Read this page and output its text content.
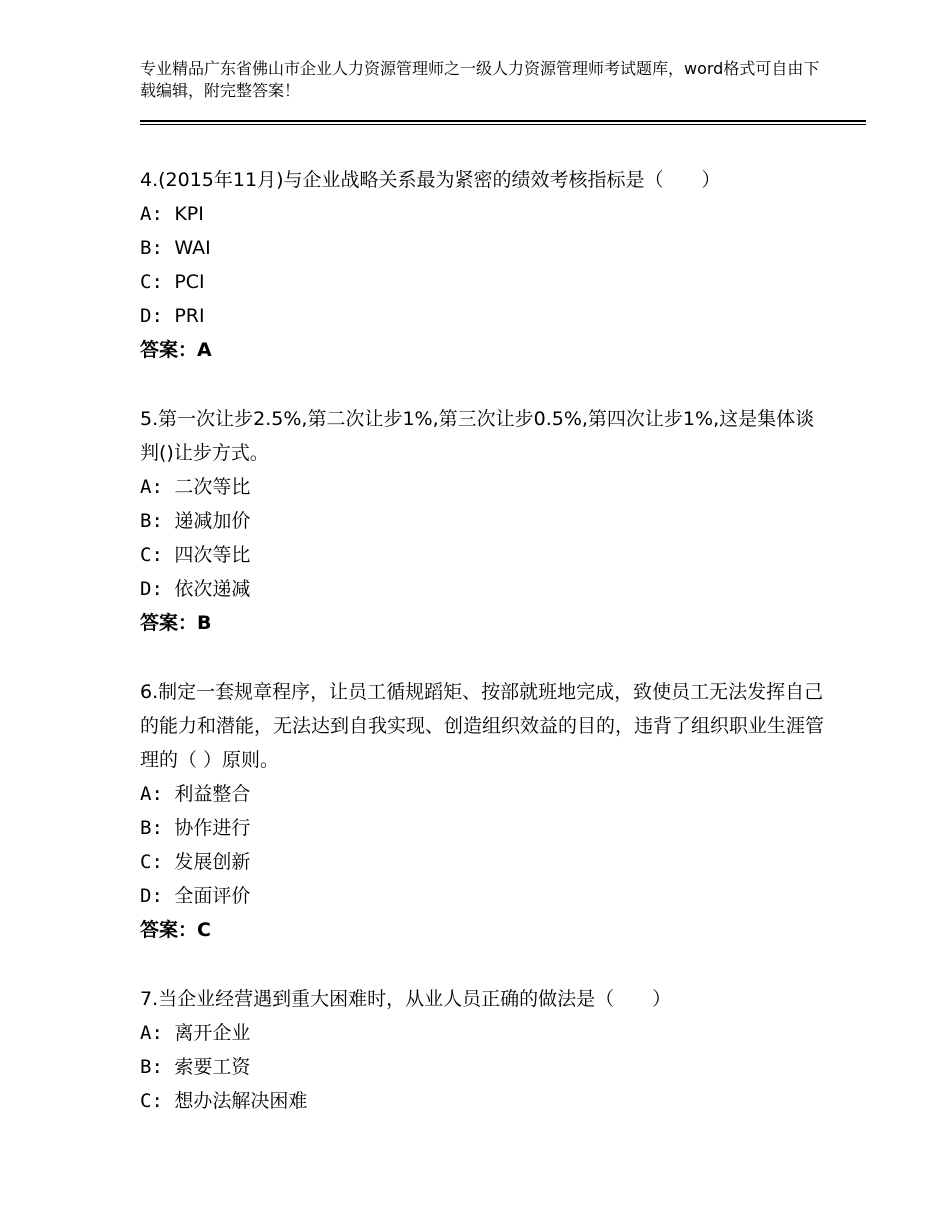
专业精品广东省佛山市企业人力资源管理师之一级人力资源管理师考试题库，word格式可自由下载编辑，附完整答案！
4.(2015年11月)与企业战略关系最为紧密的绩效考核指标是（　　）
A: KPI
B: WAI
C: PCI
D: PRI
答案：A
5.第一次让步2.5%,第二次让步1%,第三次让步0.5%,第四次让步1%,这是集体谈判()让步方式。
A: 二次等比
B: 递减加价
C: 四次等比
D: 依次递减
答案：B
6.制定一套规章程序，让员工循规蹈矩、按部就班地完成，致使员工无法发挥自己的能力和潜能，无法达到自我实现、创造组织效益的目的，违背了组织职业生涯管理的（ ）原则。
A: 利益整合
B: 协作进行
C: 发展创新
D: 全面评价
答案：C
7.当企业经营遇到重大困难时，从业人员正确的做法是（　　）
A: 离开企业
B: 索要工资
C: 想办法解决困难
